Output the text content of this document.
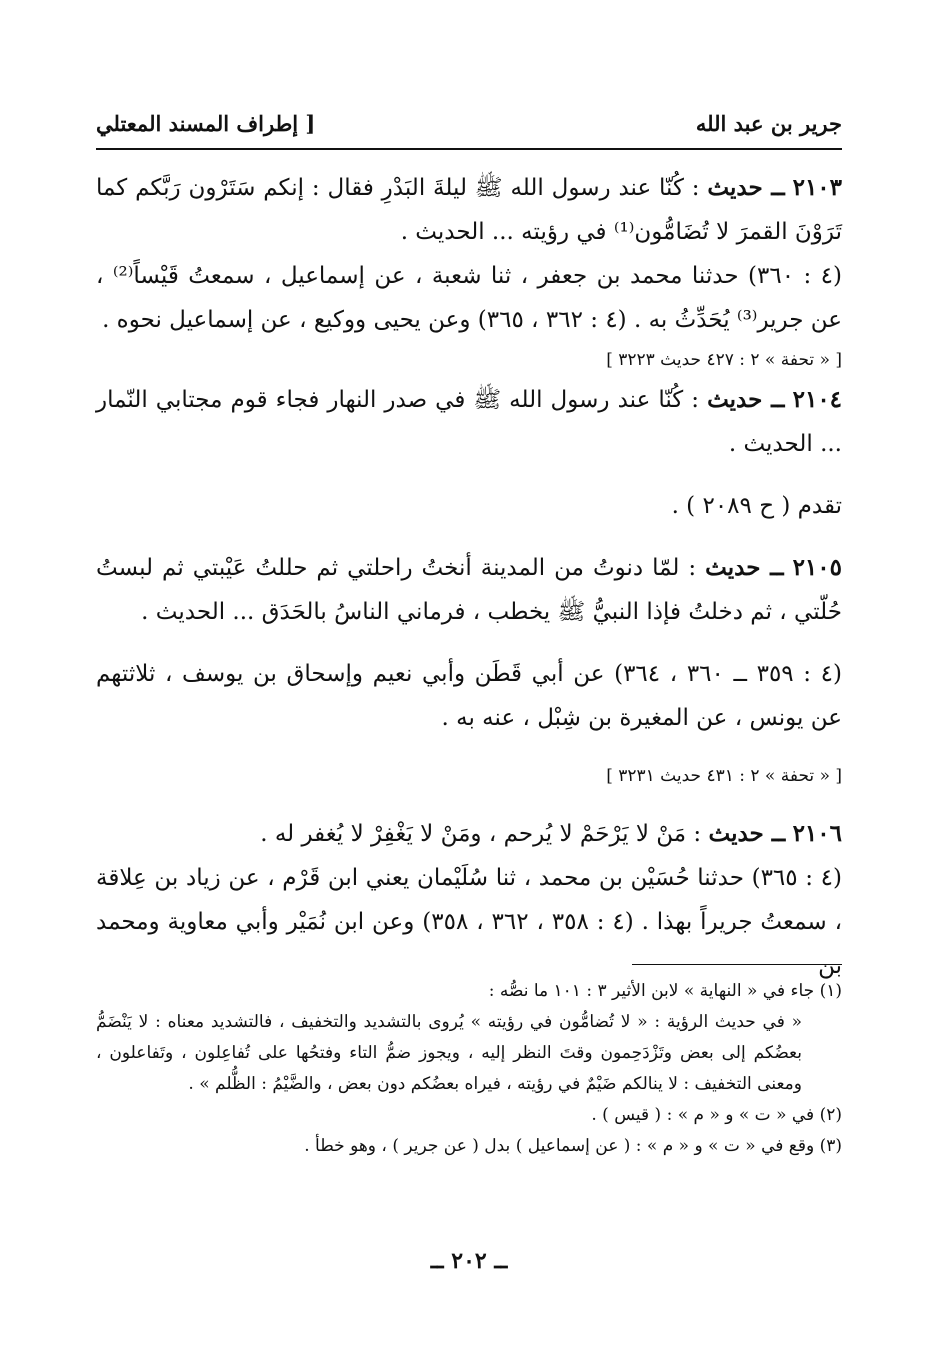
جرير بن عبد الله
[ إطراف المسند المعتلي

٢١٠٣ ــ حديث : كُنّا عند رسول الله ﷺ ليلةَ البَدْرِ فقال : إنكم سَتَرْون رَبَّكم كما تَرَوْنَ القمرَ لا تُضَامُّون⁽¹⁾ في رؤيته ... الحديث .

(٤ : ٣٦٠) حدثنا محمد بن جعفر ، ثنا شعبة ، عن إسماعيل ، سمعتُ قَيْساً⁽²⁾ ، عن جرير⁽³⁾ يُحَدِّثُ به . (٤ : ٣٦٢ ، ٣٦٥) وعن يحيى ووكيع ، عن إسماعيل نحوه .

[ « تحفة » ٢ : ٤٢٧ حديث ٣٢٢٣ ]

٢١٠٤ ــ حديث : كُنّا عند رسول الله ﷺ في صدر النهار فجاء قوم مجتابي النّمار ... الحديث .

تقدم ( ح ٢٠٨٩ ) .

٢١٠٥ ــ حديث : لمّا دنوتُ من المدينة أنختُ راحلتي ثم حللتُ عَيْبتي ثم لبستُ حُلّتي ، ثم دخلتُ فإذا النبيُّ ﷺ يخطب ، فرماني الناسُ بالحَدَق ... الحديث .

(٤ : ٣٥٩ ــ ٣٦٠ ، ٣٦٤) عن أبي قَطَن وأبي نعيم وإسحاق بن يوسف ، ثلاثتهم عن يونس ، عن المغيرة بن شِبْل ، عنه به .

[ « تحفة » ٢ : ٤٣١ حديث ٣٢٣١ ]

٢١٠٦ ــ حديث : مَنْ لا يَرْحَمْ لا يُرحم ، ومَنْ لا يَغْفِرْ لا يُغفر له .

(٤ : ٣٦٥) حدثنا حُسَيْن بن محمد ، ثنا سُلَيْمان يعني ابن قَرْم ، عن زياد بن عِلاقة ، سمعتُ جريراً بهذا . (٤ : ٣٥٨ ، ٣٦٢ ، ٣٥٨) وعن ابن نُمَيْر وأبي معاوية ومحمد بن

(١) جاء في « النهاية » لابن الأثير ٣ : ١٠١ ما نصُّه :

« في حديث الرؤية : « لا تُضامُّون في رؤيته » يُروى بالتشديد والتخفيف ، فالتشديد معناه : لا يَنْضَمُّ بعضُكم إلى بعض وتَزْدَحِمون وقتَ النظر إليه ، ويجوز ضمُّ التاء وفتحُها على تُفاعِلون ، وتَفاعلون ، ومعنى التخفيف : لا ينالكم ضَيْمٌ في رؤيته ، فيراه بعضُكم دون بعض ، والضَّيْمُ : الظُّلم » .

(٢) في « ت » و « م » : ( قيس ) .

(٣) وقع في « ت » و « م » : ( عن إسماعيل ) بدل ( عن جرير ) ، وهو خطأ .

ــ ٢٠٢ ــ
